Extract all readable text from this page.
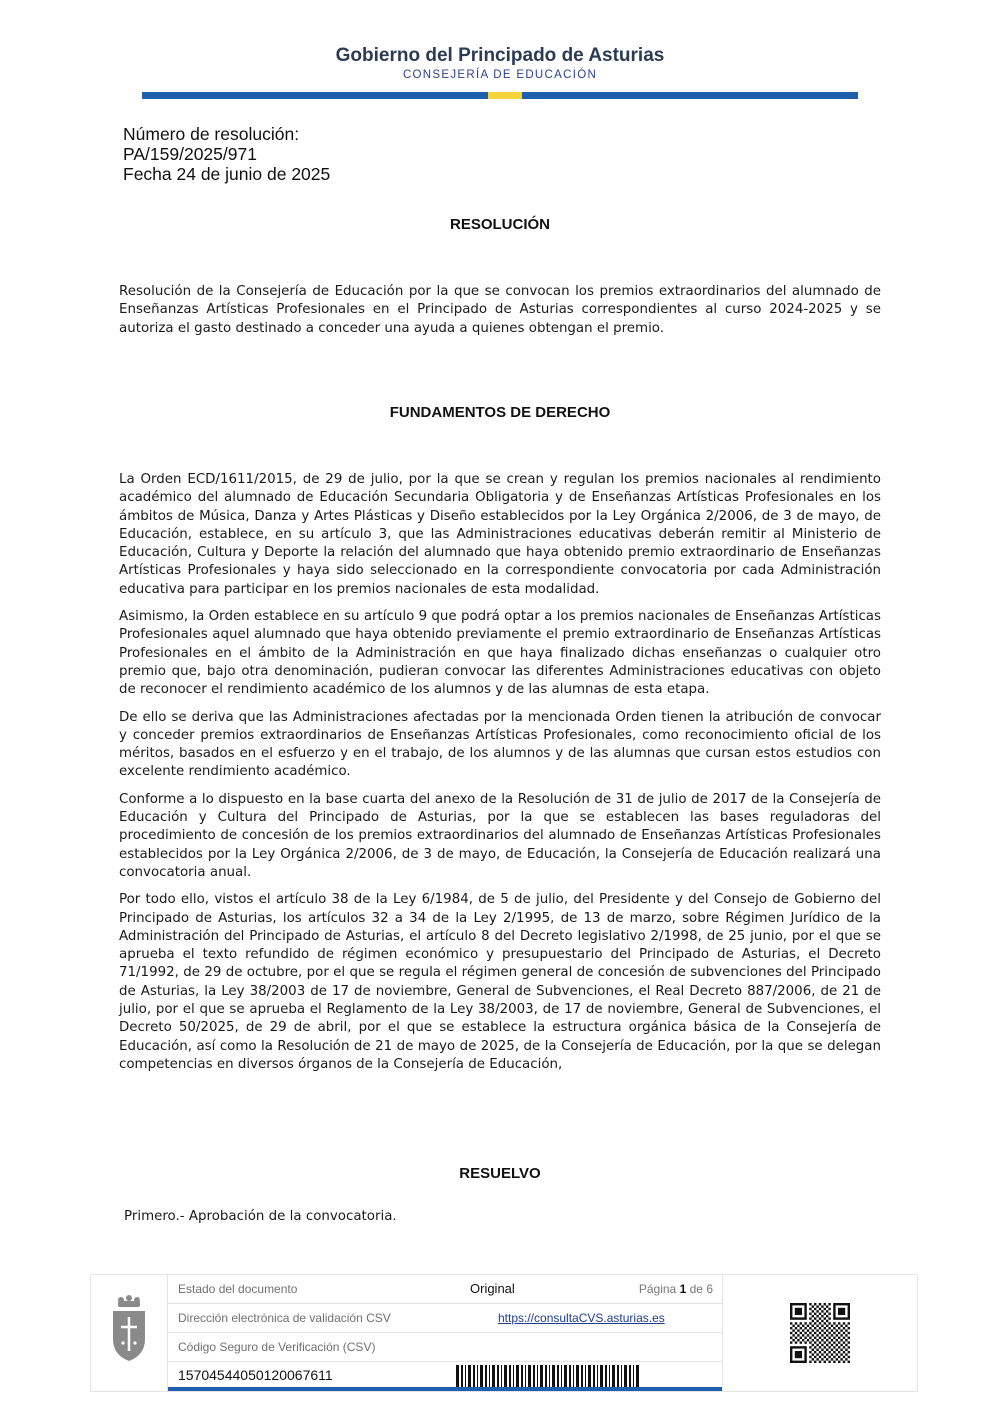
Gobierno del Principado de Asturias
CONSEJERÍA DE EDUCACIÓN
Número de resolución:
PA/159/2025/971
Fecha 24 de junio de 2025
RESOLUCIÓN

Resolución de la Consejería de Educación por la que se convocan los premios extraordinarios del alumnado de Enseñanzas Artísticas Profesionales en el Principado de Asturias correspondientes al curso 2024-2025 y se autoriza el gasto destinado a conceder una ayuda a quienes obtengan el premio.

FUNDAMENTOS DE DERECHO

La Orden ECD/1611/2015, de 29 de julio, por la que se crean y regulan los premios nacionales al rendimiento académico del alumnado de Educación Secundaria Obligatoria y de Enseñanzas Artísticas Profesionales en los ámbitos de Música, Danza y Artes Plásticas y Diseño establecidos por la Ley Orgánica 2/2006, de 3 de mayo, de Educación, establece, en su artículo 3, que las Administraciones educativas deberán remitir al Ministerio de Educación, Cultura y Deporte la relación del alumnado que haya obtenido premio extraordinario de Enseñanzas Artísticas Profesionales y haya sido seleccionado en la correspondiente convocatoria por cada Administración educativa para participar en los premios nacionales de esta modalidad.

Asimismo, la Orden establece en su artículo 9 que podrá optar a los premios nacionales de Enseñanzas Artísticas Profesionales aquel alumnado que haya obtenido previamente el premio extraordinario de Enseñanzas Artísticas Profesionales en el ámbito de la Administración en que haya finalizado dichas enseñanzas o cualquier otro premio que, bajo otra denominación, pudieran convocar las diferentes Administraciones educativas con objeto de reconocer el rendimiento académico de los alumnos y de las alumnas de esta etapa.

De ello se deriva que las Administraciones afectadas por la mencionada Orden tienen la atribución de convocar y conceder premios extraordinarios de Enseñanzas Artísticas Profesionales, como reconocimiento oficial de los méritos, basados en el esfuerzo y en el trabajo, de los alumnos y de las alumnas que cursan estos estudios con excelente rendimiento académico.

Conforme a lo dispuesto en la base cuarta del anexo de la Resolución de 31 de julio de 2017 de la Consejería de Educación y Cultura del Principado de Asturias, por la que se establecen las bases reguladoras del procedimiento de concesión de los premios extraordinarios del alumnado de Enseñanzas Artísticas Profesionales establecidos por la Ley Orgánica 2/2006, de 3 de mayo, de Educación, la Consejería de Educación realizará una convocatoria anual.

Por todo ello, vistos el artículo 38 de la Ley 6/1984, de 5 de julio, del Presidente y del Consejo de Gobierno del Principado de Asturias, los artículos 32 a 34 de la Ley 2/1995, de 13 de marzo, sobre Régimen Jurídico de la Administración del Principado de Asturias, el artículo 8 del Decreto legislativo 2/1998, de 25 junio, por el que se aprueba el texto refundido de régimen económico y presupuestario del Principado de Asturias, el Decreto 71/1992, de 29 de octubre, por el que se regula el régimen general de concesión de subvenciones del Principado de Asturias, la Ley 38/2003 de 17 de noviembre, General de Subvenciones, el Real Decreto 887/2006, de 21 de julio, por el que se aprueba el Reglamento de la Ley 38/2003, de 17 de noviembre, General de Subvenciones, el Decreto 50/2025, de 29 de abril, por el que se establece la estructura orgánica básica de la Consejería de Educación, así como la Resolución de 21 de mayo de 2025, de la Consejería de Educación, por la que se delegan competencias en diversos órganos de la Consejería de Educación,

RESUELVO
Primero.- Aprobación de la convocatoria.
Estado del documento	Original	Página 1 de 6
Dirección electrónica de validación CSV	https://consultaCVS.asturias.es
Código Seguro de Verificación (CSV)
15704544050120067611
